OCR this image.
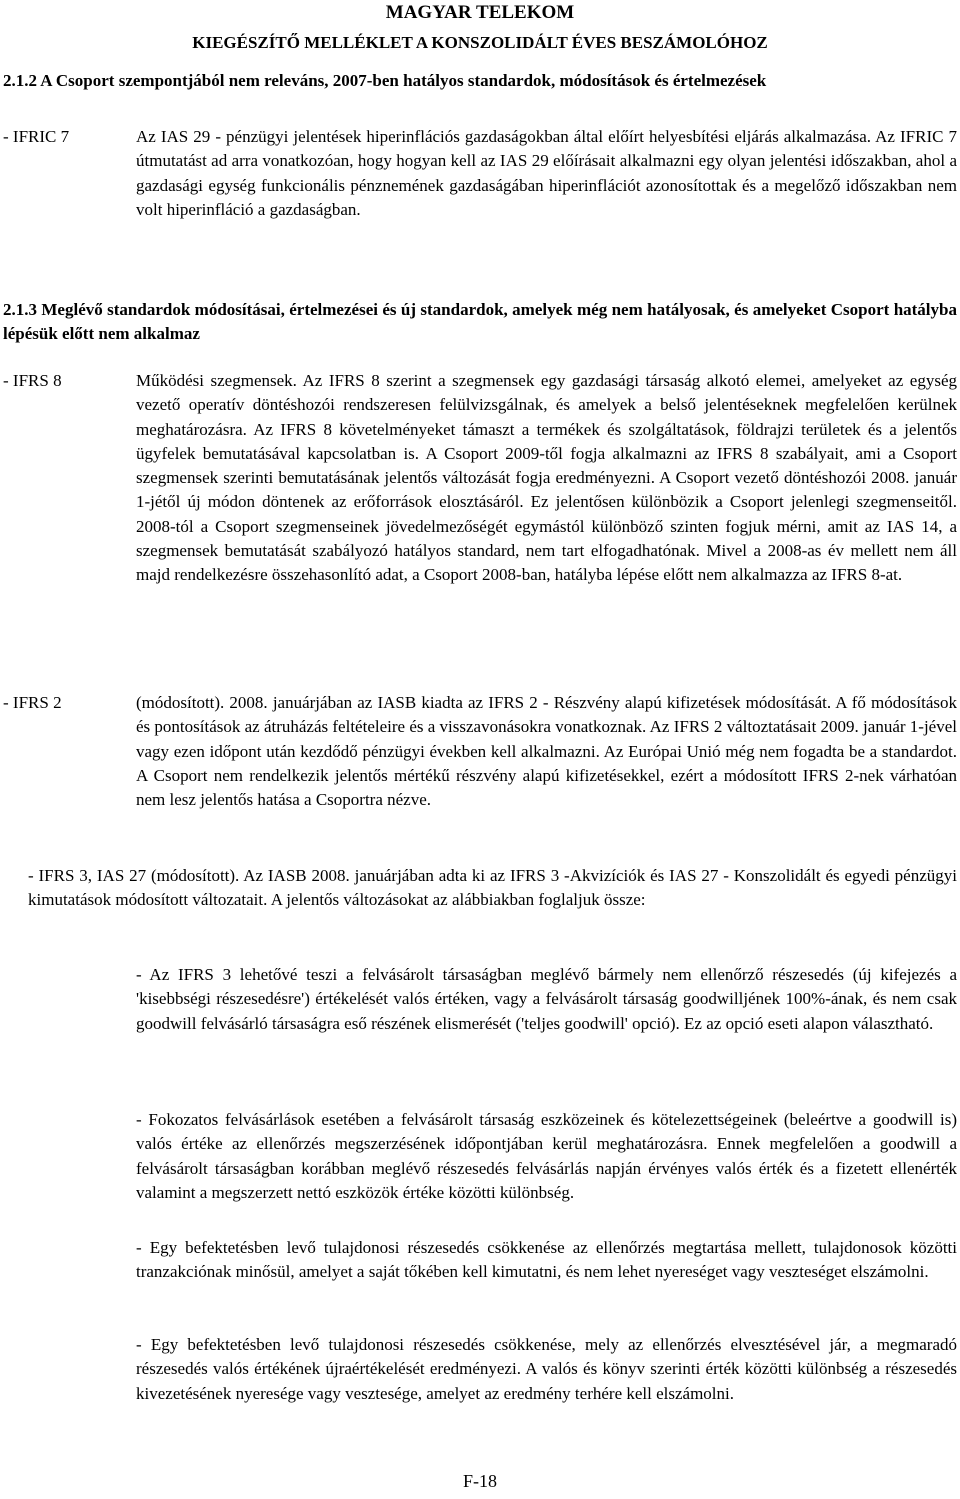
MAGYAR TELEKOM
KIEGÉSZÍTŐ MELLÉKLET A KONSZOLIDÁLT ÉVES BESZÁMOLÓHOZ
2.1.2 A Csoport szempontjából nem releváns, 2007-ben hatályos standardok, módosítások és értelmezések
- IFRIC 7	Az IAS 29 - pénzügyi jelentések hiperinflációs gazdaságokban által előírt helyesbítési eljárás alkalmazása. Az IFRIC 7 útmutatást ad arra vonatkozóan, hogy hogyan kell az IAS 29 előírásait alkalmazni egy olyan jelentési időszakban, ahol a gazdasági egység funkcionális pénznemének gazdaságában hiperinflációt azonosítottak és a megelőző időszakban nem volt hiperinfláció a gazdaságban.

2.1.3 Meglévő standardok módosításai, értelmezései és új standardok, amelyek még nem hatályosak, és amelyeket Csoport hatályba lépésük előtt nem alkalmaz
- IFRS 8	Működési szegmensek. Az IFRS 8 szerint a szegmensek egy gazdasági társaság alkotó elemei, amelyeket az egység vezető operatív döntéshozói rendszeresen felülvizsgálnak, és amelyek a belső jelentéseknek megfelelően kerülnek meghatározásra. Az IFRS 8 követelményeket támaszt a termékek és szolgáltatások, földrajzi területek és a jelentős ügyfelek bemutatásával kapcsolatban is. A Csoport 2009-től fogja alkalmazni az IFRS 8 szabályait, ami a Csoport szegmensek szerinti bemutatásának jelentős változását fogja eredményezni. A Csoport vezető döntéshozói 2008. január 1-jétől új módon döntenek az erőforrások elosztásáról. Ez jelentősen különbözik a Csoport jelenlegi szegmenseitől. 2008-tól a Csoport szegmenseinek jövedelmezőségét egymástól különböző szinten fogjuk mérni, amit az IAS 14, a szegmensek bemutatását szabályozó hatályos standard, nem tart elfogadhatónak. Mivel a 2008-as év mellett nem áll majd rendelkezésre összehasonlító adat, a Csoport 2008-ban, hatályba lépése előtt nem alkalmazza az IFRS 8-at.

- IFRS 2	(módosított). 2008. januárjában az IASB kiadta az IFRS 2 - Részvény alapú kifizetések módosítását. A fő módosítások és pontosítások az átruházás feltételeire és a visszavonásokra vonatkoznak. Az IFRS 2 változtatásait 2009. január 1-jével vagy ezen időpont után kezdődő pénzügyi években kell alkalmazni. Az Európai Unió még nem fogadta be a standardot. A Csoport nem rendelkezik jelentős mértékű részvény alapú kifizetésekkel, ezért a módosított IFRS 2-nek várhatóan nem lesz jelentős hatása a Csoportra nézve.

- IFRS 3, IAS 27 (módosított). Az IASB 2008. januárjában adta ki az IFRS 3 -Akvizíciók és IAS 27 - Konszolidált és egyedi pénzügyi kimutatások módosított változatait. A jelentős változásokat az alábbiakban foglaljuk össze:

- Az IFRS 3 lehetővé teszi a felvásárolt társaságban meglévő bármely nem ellenőrző részesedés (új kifejezés a 'kisebbségi részesedésre') értékelését valós értéken, vagy a felvásárolt társaság goodwilljének 100%-ának, és nem csak goodwill felvásárló társaságra eső részének elismerését ('teljes goodwill' opció). Ez az opció eseti alapon választható.
- Fokozatos felvásárlások esetében a felvásárolt társaság eszközeinek és kötelezettségeinek (beleértve a goodwill is) valós értéke az ellenőrzés megszerzésének időpontjában kerül meghatározásra. Ennek megfelelően a goodwill a felvásárolt társaságban korábban meglévő részesedés felvásárlás napján érvényes valós érték és a fizetett ellenérték valamint a megszerzett nettó eszközök értéke közötti különbség.
- Egy befektetésben levő tulajdonosi részesedés csökkenése az ellenőrzés megtartása mellett, tulajdonosok közötti tranzakciónak minősül, amelyet a saját tőkében kell kimutatni, és nem lehet nyereséget vagy veszteséget elszámolni.
- Egy befektetésben levő tulajdonosi részesedés csökkenése, mely az ellenőrzés elvesztésével jár, a megmaradó részesedés valós értékének újraértékelését eredményezi. A valós és könyv szerinti érték közötti különbség a részesedés kivezetésének nyeresége vagy vesztesége, amelyet az eredmény terhére kell elszámolni.
F-18
